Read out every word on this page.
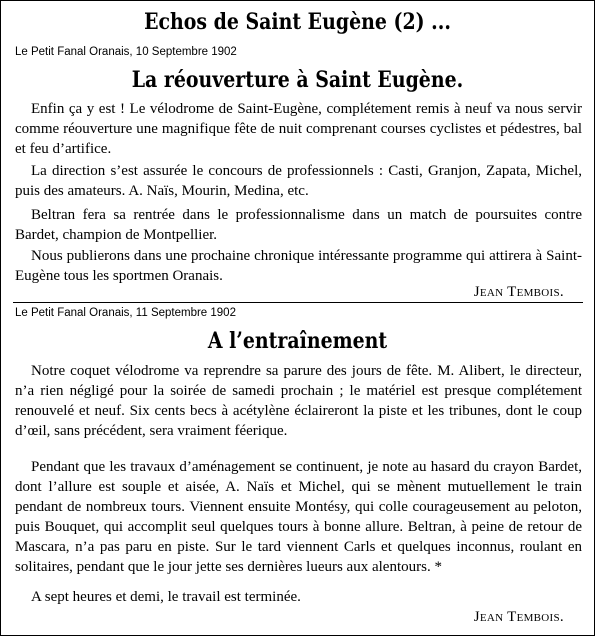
Echos de Saint Eugène (2) ...
Le Petit Fanal Oranais, 10 Septembre 1902
La réouverture à Saint Eugène.

Enfin ça y est ! Le vélodrome de Saint-Eugène, complétement remis à neuf va nous servir comme réouverture une magnifique fête de nuit comprenant courses cyclistes et pédestres, bal et feu d’artifice.

La direction s’est assurée le concours de professionnels : Casti, Granjon, Zapata, Michel, puis des amateurs. A. Naïs, Mourin, Medina, etc.

Beltran fera sa rentrée dans le professionnalisme dans un match de poursuites contre Bardet, champion de Montpellier.

Nous publierons dans une prochaine chronique intéressante programme qui attirera à Saint-Eugène tous les sportmen Oranais.

Jean Tembois.
Le Petit Fanal Oranais, 11 Septembre 1902
A l’entraînement

Notre coquet vélodrome va reprendre sa parure des jours de fête. M. Alibert, le directeur, n’a rien négligé pour la soirée de samedi prochain ; le matériel est presque complétement renouvelé et neuf. Six cents becs à acétylène éclaireront la piste et les tribunes, dont le coup d’œil, sans précédent, sera vraiment féerique.

Pendant que les travaux d’aménagement se continuent, je note au hasard du crayon Bardet, dont l’allure est souple et aisée, A. Naïs et Michel, qui se mènent mutuellement le train pendant de nombreux tours. Viennent ensuite Montésy, qui colle courageusement au peloton, puis Bouquet, qui accomplit seul quelques tours à bonne allure. Beltran, à peine de retour de Mascara, n’a pas paru en piste. Sur le tard viennent Carls et quelques inconnus, roulant en solitaires, pendant que le jour jette ses dernières lueurs aux alentours. *

A sept heures et demi, le travail est terminée.

Jean Tembois.
